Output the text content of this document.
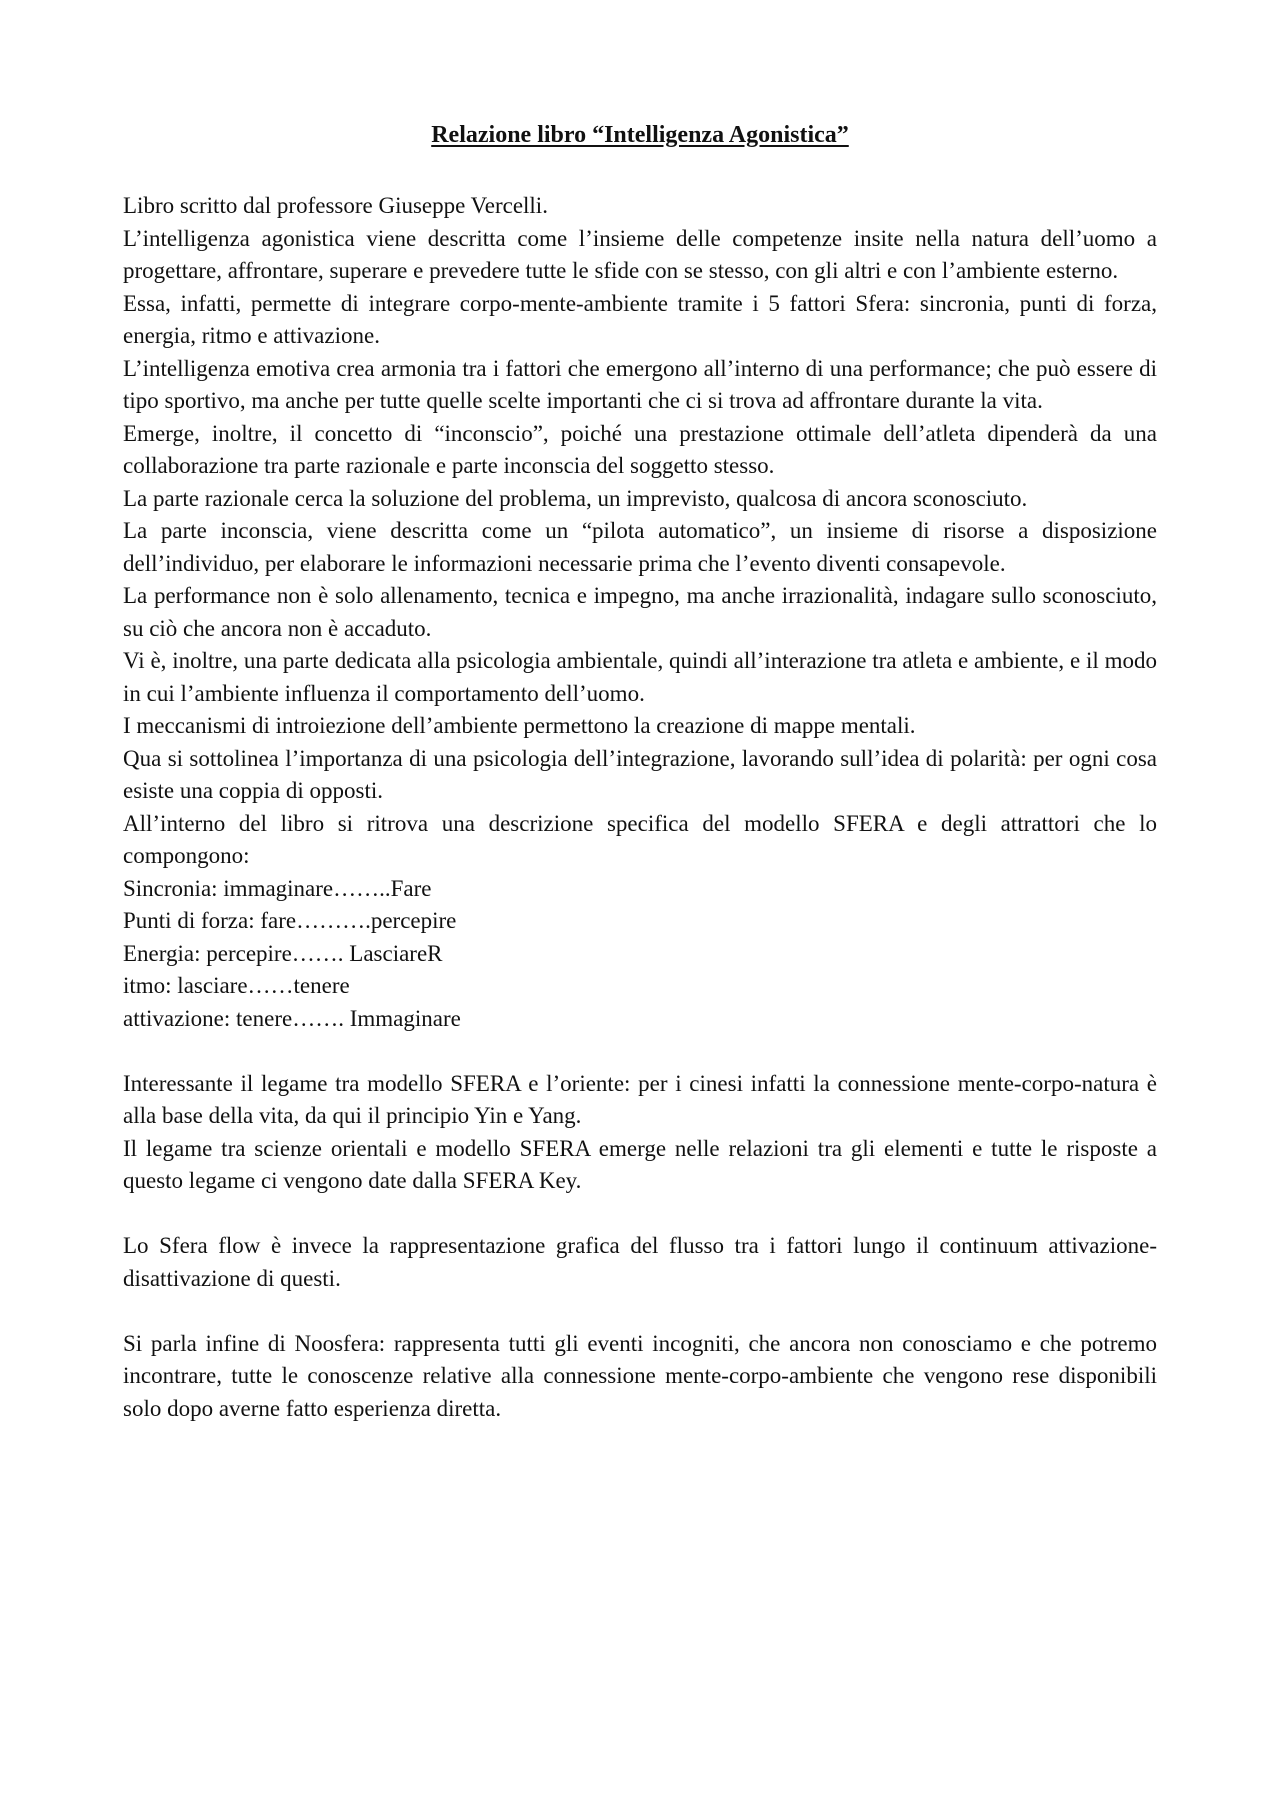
Relazione libro “Intelligenza Agonistica”

Libro scritto dal professore Giuseppe Vercelli.

L’intelligenza agonistica viene descritta come l’insieme delle competenze insite nella natura dell’uomo a progettare, affrontare, superare e prevedere tutte le sfide con se stesso, con gli altri e con l’ambiente esterno.

Essa, infatti, permette di integrare corpo-mente-ambiente tramite i 5 fattori Sfera: sincronia, punti di forza, energia, ritmo e attivazione.

L’intelligenza emotiva crea armonia tra i fattori che emergono all’interno di una performance; che può essere di tipo sportivo, ma anche per tutte quelle scelte importanti che ci si trova ad affrontare durante la vita.

Emerge, inoltre, il concetto di “inconscio”, poiché una prestazione ottimale dell’atleta dipenderà da una collaborazione tra parte razionale e parte inconscia del soggetto stesso.

La parte razionale cerca la soluzione del problema, un imprevisto, qualcosa di ancora sconosciuto.

La parte inconscia, viene descritta come un “pilota automatico”, un insieme di risorse a disposizione dell’individuo, per elaborare le informazioni necessarie prima che l’evento diventi consapevole.

La performance non è solo allenamento, tecnica e impegno, ma anche irrazionalità, indagare sullo sconosciuto, su ciò che ancora non è accaduto.

Vi è, inoltre, una parte dedicata alla psicologia ambientale, quindi all’interazione tra atleta e ambiente, e il modo in cui l’ambiente influenza il comportamento dell’uomo.

I meccanismi di introiezione dell’ambiente permettono la creazione di mappe mentali.

Qua si sottolinea l’importanza di una psicologia dell’integrazione, lavorando sull’idea di polarità: per ogni cosa esiste una coppia di opposti.

All’interno del libro si ritrova una descrizione specifica del modello SFERA e degli attrattori che lo compongono:

Sincronia: immaginare……..Fare
Punti di forza: fare……….percepire
Energia: percepire……. LasciareR
itmo: lasciare……tenere
attivazione: tenere……. Immaginare

Interessante il legame tra modello SFERA e l’oriente: per i cinesi infatti la connessione mente-corpo-natura è alla base della vita, da qui il principio Yin e Yang.

Il legame tra scienze orientali e modello SFERA emerge nelle relazioni tra gli elementi e tutte le risposte a questo legame ci vengono date dalla SFERA Key.

Lo Sfera flow è invece la rappresentazione grafica del flusso tra i fattori lungo il continuum attivazione-disattivazione di questi.

Si parla infine di Noosfera: rappresenta tutti gli eventi incogniti, che ancora non conosciamo e che potremo incontrare, tutte le conoscenze relative alla connessione mente-corpo-ambiente che vengono rese disponibili solo dopo averne fatto esperienza diretta.
